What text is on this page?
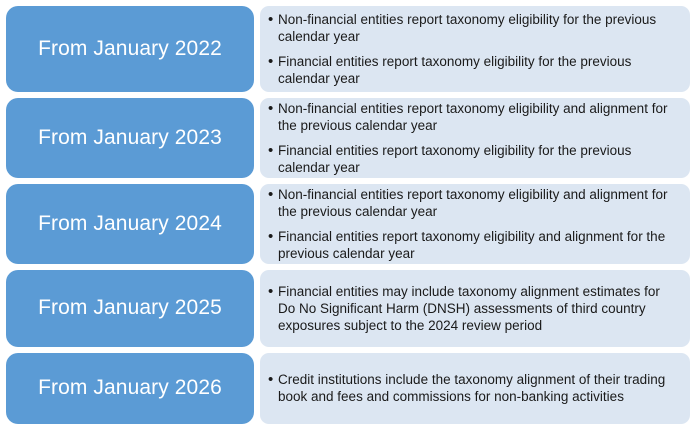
From January 2022
• Non-financial entities report taxonomy eligibility for the previous calendar year
• Financial entities report taxonomy eligibility for the previous calendar year
From January 2023
• Non-financial entities report taxonomy eligibility and alignment for the previous calendar year
• Financial entities report taxonomy eligibility for the previous calendar year
From January 2024
• Non-financial entities report taxonomy eligibility and alignment for the previous calendar year
• Financial entities report taxonomy eligibility and alignment for the previous calendar year
From January 2025
• Financial entities may include taxonomy alignment estimates for Do No Significant Harm (DNSH) assessments of third country exposures subject to the 2024 review period
From January 2026	• Credit institutions include the taxonomy alignment of their trading book and fees and commissions for non-banking activities
